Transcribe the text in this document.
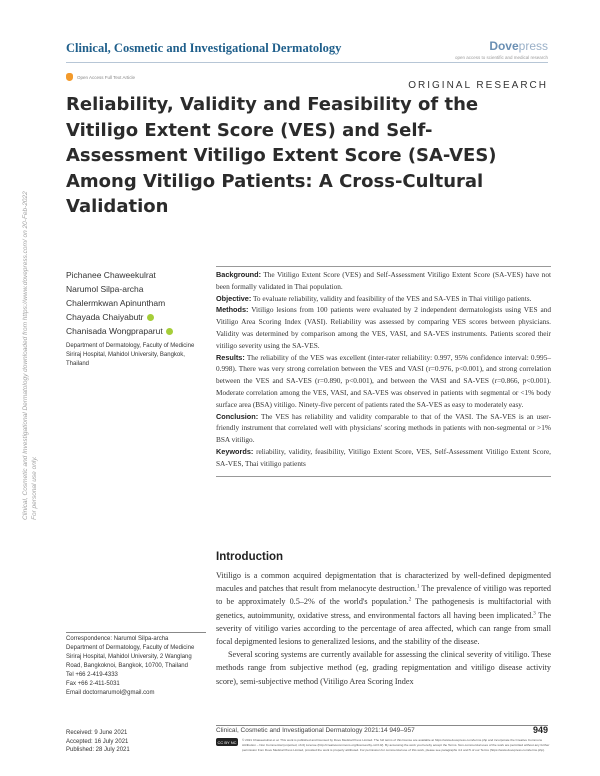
Clinical, Cosmetic and Investigational Dermatology	Dovepress
open access to scientific and medical research
Open Access Full Text Article
ORIGINAL RESEARCH
Reliability, Validity and Feasibility of the Vitiligo Extent Score (VES) and Self-Assessment Vitiligo Extent Score (SA-VES) Among Vitiligo Patients: A Cross-Cultural Validation
Clinical, Cosmetic and Investigational Dermatology downloaded from https://www.dovepress.com/ on 20-Feb-2022 For personal use only.
Pichanee Chaweekulrat
Narumol Silpa-archa
Chalermkwan Apinuntham
Chayada Chaiyabutr
Chanisada Wongpraparut
Department of Dermatology, Faculty of Medicine Siriraj Hospital, Mahidol University, Bangkok, Thailand

Background: The Vitiligo Extent Score (VES) and Self-Assessment Vitiligo Extent Score (SA-VES) have not been formally validated in Thai population.

Objective: To evaluate reliability, validity and feasibility of the VES and SA-VES in Thai vitiligo patients.

Methods: Vitiligo lesions from 100 patients were evaluated by 2 independent dermatologists using VES and Vitiligo Area Scoring Index (VASI). Reliability was assessed by comparing VES scores between physicians. Validity was determined by comparison among the VES, VASI, and SA-VES instruments. Patients scored their vitiligo severity using the SA-VES.

Results: The reliability of the VES was excellent (inter-rater reliability: 0.997, 95% confidence interval: 0.995–0.998). There was very strong correlation between the VES and VASI (r=0.976, p<0.001), and strong correlation between the VES and SA-VES (r=0.890, p<0.001), and between the VASI and SA-VES (r=0.866, p<0.001). Moderate correlation among the VES, VASI, and SA-VES was observed in patients with segmental or <1% body surface area (BSA) vitiligo. Ninety-five percent of patients rated the SA-VES as easy to moderately easy.

Conclusion: The VES has reliability and validity comparable to that of the VASI. The SA-VES is an user-friendly instrument that correlated well with physicians' scoring methods in patients with non-segmental or >1% BSA vitiligo.

Keywords: reliability, validity, feasibility, Vitiligo Extent Score, VES, Self-Assessment Vitiligo Extent Score, SA-VES, Thai vitiligo patients

Introduction

Vitiligo is a common acquired depigmentation that is characterized by well-defined depigmented macules and patches that result from melanocyte destruction.$^1$ The prevalence of vitiligo was reported to be approximately 0.5–2% of the world's population.$^2$ The pathogenesis is multifactorial with genetics, autoimmunity, oxidative stress, and environmental factors all having been implicated.$^3$ The severity of vitiligo varies according to the percentage of area affected, which can range from small focal depigmented lesions to generalized lesions, and the stability of the disease.

Several scoring systems are currently available for assessing the clinical severity of vitiligo. These methods range from subjective method (eg, grading repigmentation and vitiligo disease activity score), semi-subjective method (Vitiligo Area Scoring Index

Correspondence: Narumol Silpa-archa
Department of Dermatology, Faculty of Medicine Siriraj Hospital, Mahidol University, 2 Wanglang Road, Bangkoknoi, Bangkok, 10700, Thailand
Tel +66 2-419-4333
Fax +66 2-411-5031
Email doctornarumol@gmail.com
Received: 9 June 2021
Accepted: 16 July 2021
Published: 28 July 2021
Clinical, Cosmetic and Investigational Dermatology 2021:14 949–957	949
CC BY NC	© 2021 Chaweekulrat et al. This work is published and licensed by Dove Medical Press Limited. The full terms of this license are available at https://www.dovepress.com/terms.php and incorporate the Creative Commons Attribution – Non Commercial (unported, v3.0) License (http://creativecommons.org/licenses/by-nc/3.0/). By accessing the work you hereby accept the Terms. Non-commercial uses of the work are permitted without any further permission from Dove Medical Press Limited, provided the work is properly attributed. For permission for commercial use of this work, please see paragraphs 4.2 and 5 of our Terms (https://www.dovepress.com/terms.php).
